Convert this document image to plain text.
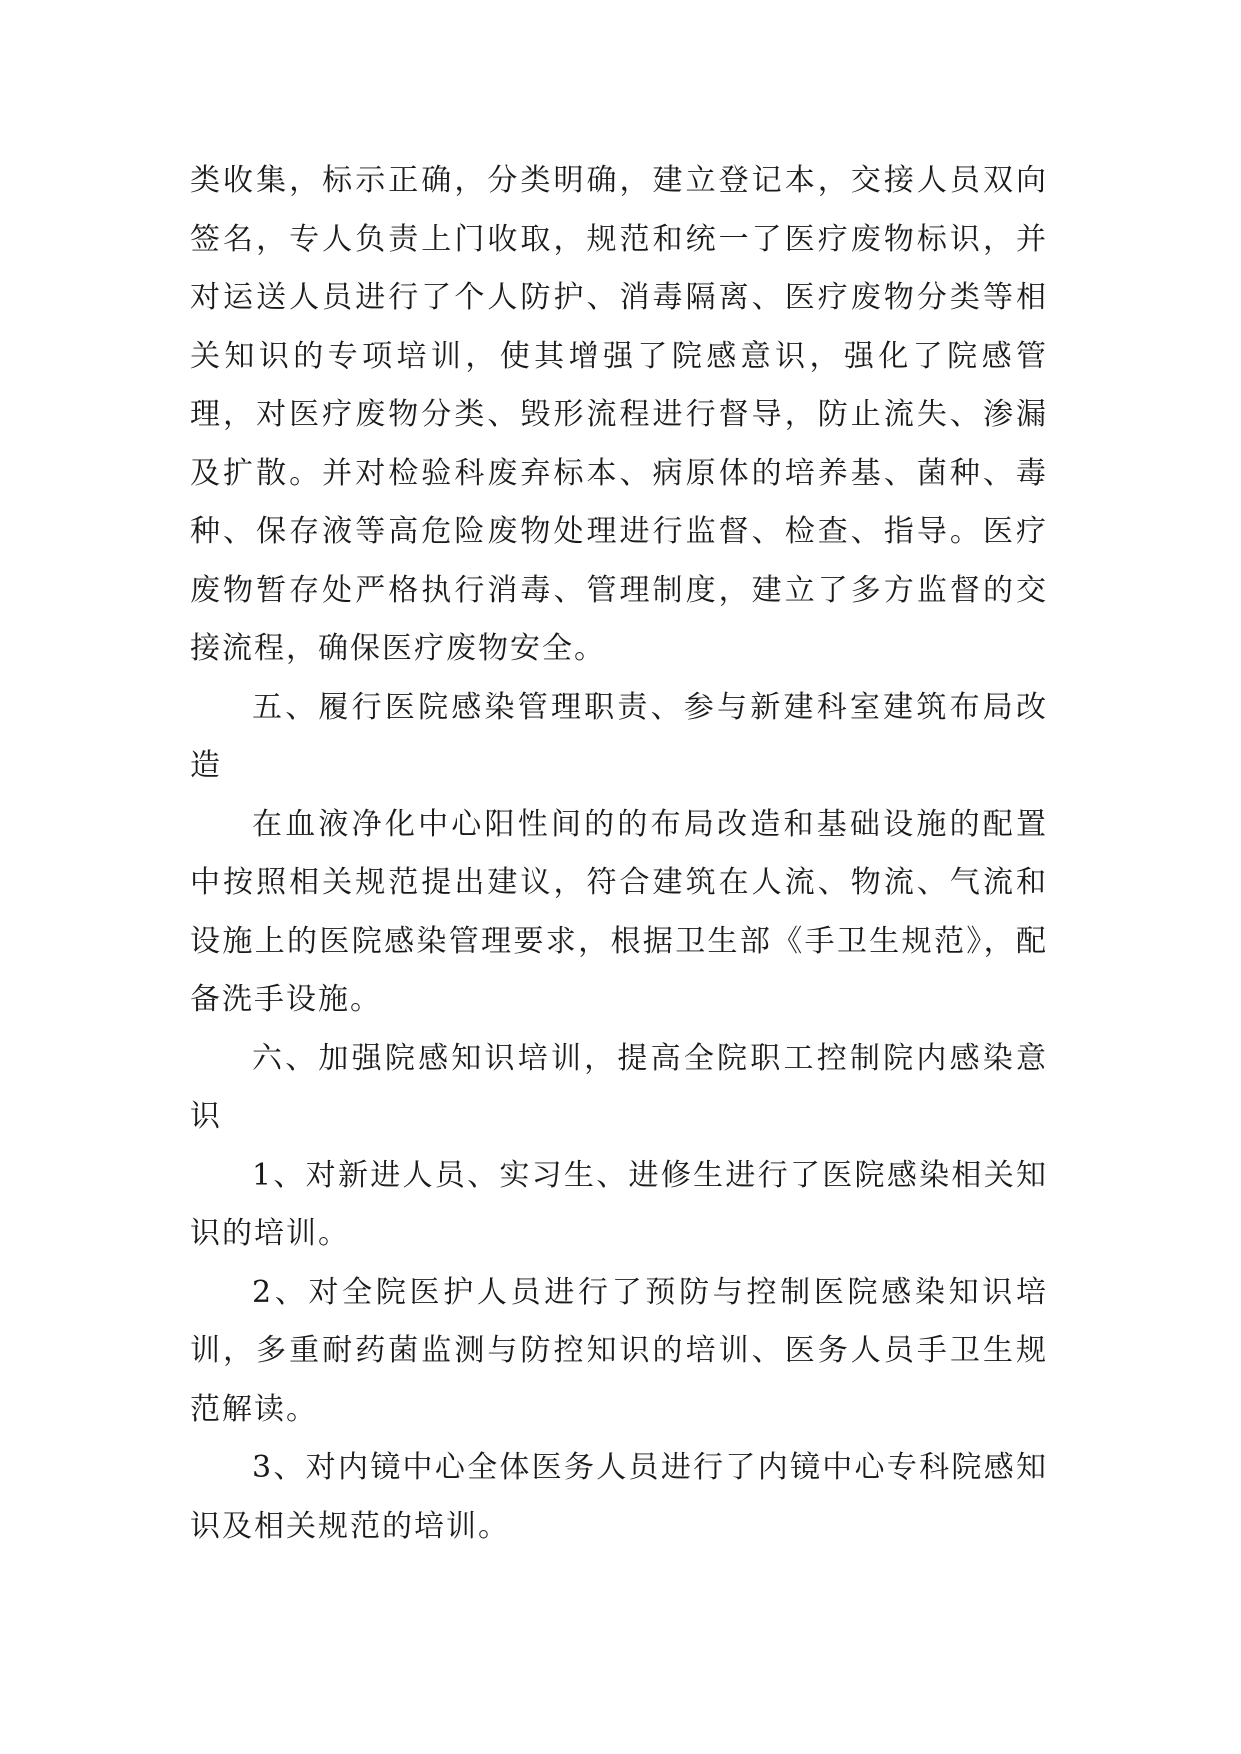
类收集，标示正确，分类明确，建立登记本，交接人员双向签名，专人负责上门收取，规范和统一了医疗废物标识，并对运送人员进行了个人防护、消毒隔离、医疗废物分类等相关知识的专项培训，使其增强了院感意识，强化了院感管理，对医疗废物分类、毁形流程进行督导，防止流失、渗漏及扩散。并对检验科废弃标本、病原体的培养基、菌种、毒种、保存液等高危险废物处理进行监督、检查、指导。医疗废物暂存处严格执行消毒、管理制度，建立了多方监督的交接流程，确保医疗废物安全。

五、履行医院感染管理职责、参与新建科室建筑布局改造

在血液净化中心阳性间的的布局改造和基础设施的配置中按照相关规范提出建议，符合建筑在人流、物流、气流和设施上的医院感染管理要求，根据卫生部《手卫生规范》，配备洗手设施。

六、加强院感知识培训，提高全院职工控制院内感染意识

1、对新进人员、实习生、进修生进行了医院感染相关知识的培训。

2、对全院医护人员进行了预防与控制医院感染知识培训，多重耐药菌监测与防控知识的培训、医务人员手卫生规范解读。

3、对内镜中心全体医务人员进行了内镜中心专科院感知识及相关规范的培训。
